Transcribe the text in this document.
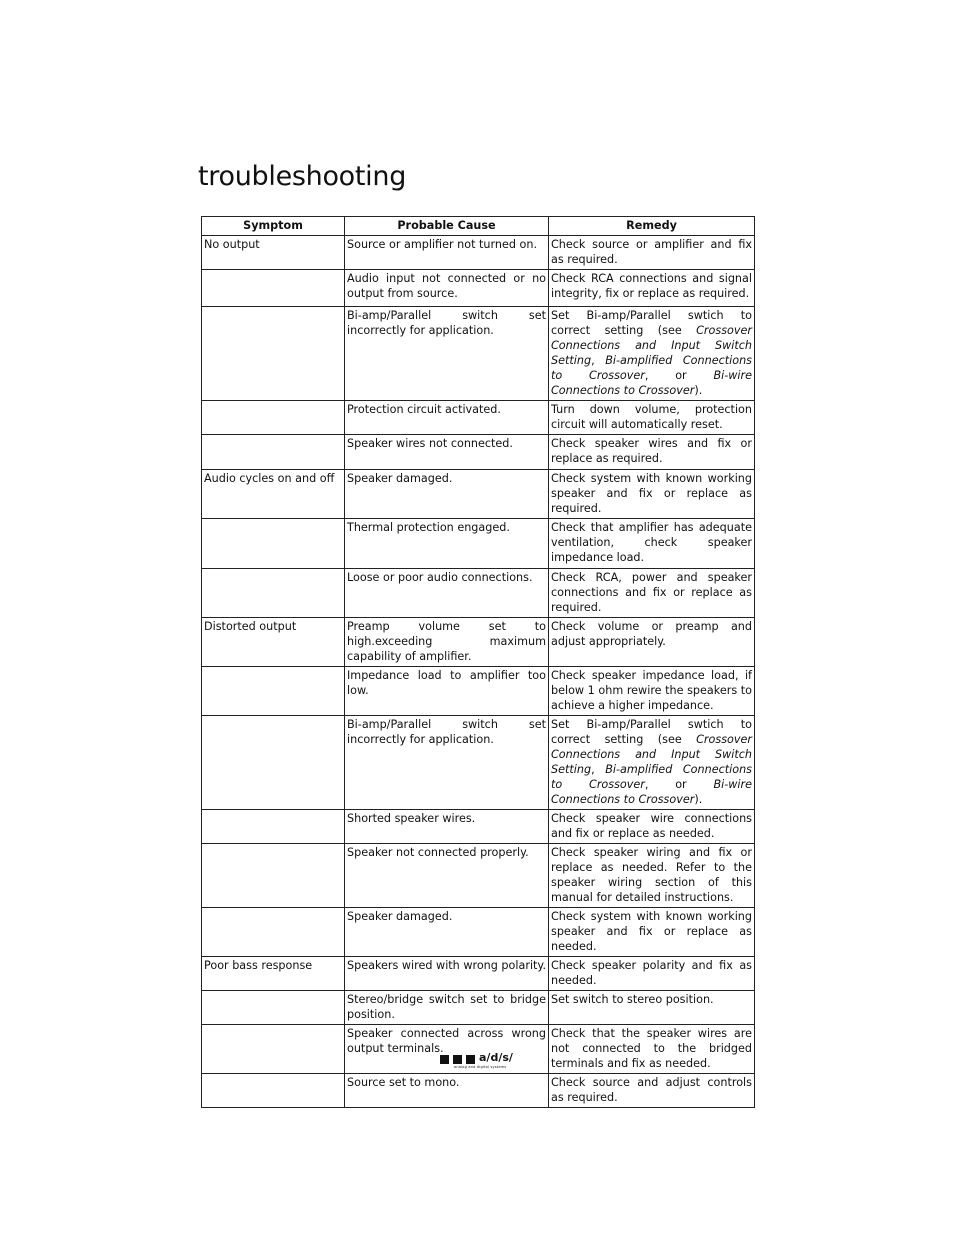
troubleshooting
Symptom	Probable Cause	Remedy
No output	Source or amplifier not turned on.	Check source or amplifier and fix as required.
	Audio input not connected or no output from source.	Check RCA connections and signal integrity, fix or replace as required.
	Bi-amp/Parallel switch set incorrectly for application.	Set Bi-amp/Parallel swtich to correct setting (see Crossover Connections and Input Switch Setting, Bi-amplified Connections to Crossover, or Bi-wire Connections to Crossover).
	Protection circuit activated.	Turn down volume, protection circuit will automatically reset.
	Speaker wires not connected.	Check speaker wires and fix or replace as required.
Audio cycles on and off	Speaker damaged.	Check system with known working speaker and fix or replace as required.
	Thermal protection engaged.	Check that amplifier has adequate ventilation, check speaker impedance load.
	Loose or poor audio connections.	Check RCA, power and speaker connections and fix or replace as required.
Distorted output	Preamp volume set to high.exceeding maximum capability of amplifier.	Check volume or preamp and adjust appropriately.
	Impedance load to amplifier too low.	Check speaker impedance load, if below 1 ohm rewire the speakers to achieve a higher impedance.
	Bi-amp/Parallel switch set incorrectly for application.	Set Bi-amp/Parallel swtich to correct setting (see Crossover Connections and Input Switch Setting, Bi-amplified Connections to Crossover, or Bi-wire Connections to Crossover).
	Shorted speaker wires.	Check speaker wire connections and fix or replace as needed.
	Speaker not connected properly.	Check speaker wiring and fix or replace as needed. Refer to the speaker wiring section of this manual for detailed instructions.
	Speaker damaged.	Check system with known working speaker and fix or replace as needed.
Poor bass response	Speakers wired with wrong polarity.	Check speaker polarity and fix as needed.
	Stereo/bridge switch set to bridge position.	Set switch to stereo position.
	Speaker connected across wrong output terminals.	Check that the speaker wires are not connected to the bridged terminals and fix as needed.
	Source set to mono.	Check source and adjust controls as required.
a/d/s/
analog and digital systems
